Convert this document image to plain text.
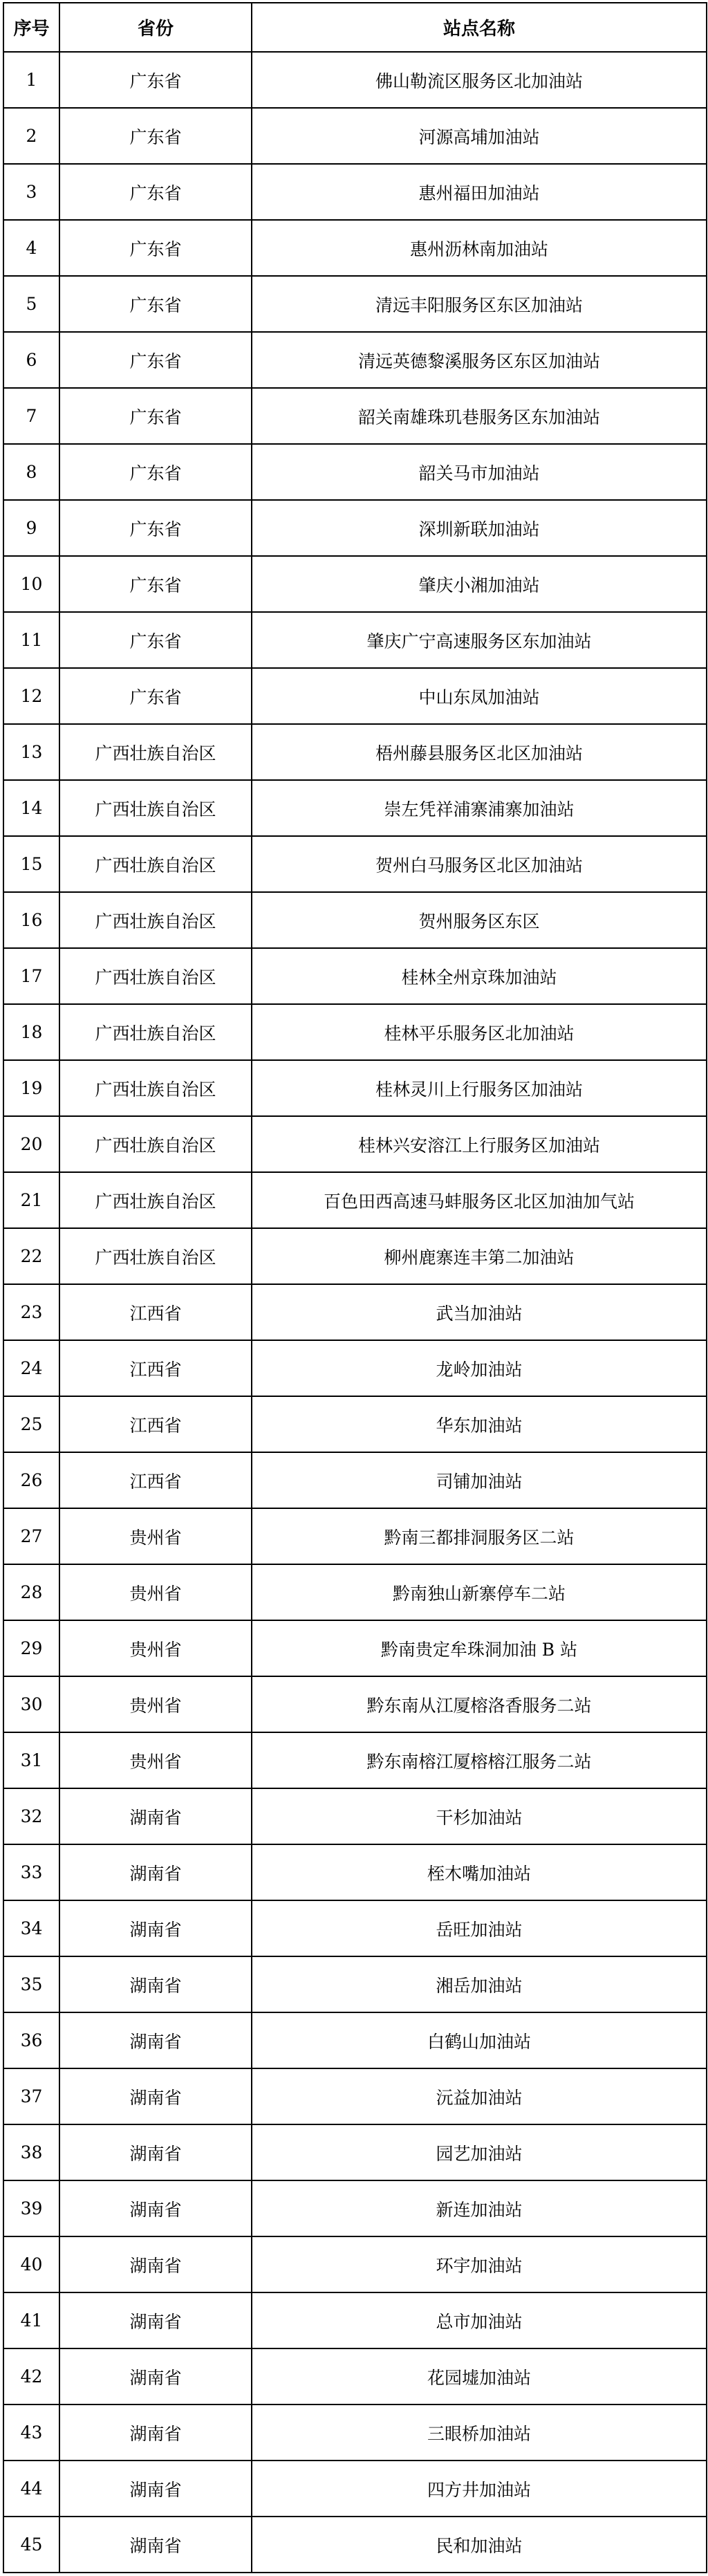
序号	省份	站点名称
1	广东省	佛山勒流区服务区北加油站
2	广东省	河源高埔加油站
3	广东省	惠州福田加油站
4	广东省	惠州沥林南加油站
5	广东省	清远丰阳服务区东区加油站
6	广东省	清远英德黎溪服务区东区加油站
7	广东省	韶关南雄珠玑巷服务区东加油站
8	广东省	韶关马市加油站
9	广东省	深圳新联加油站
10	广东省	肇庆小湘加油站
11	广东省	肇庆广宁高速服务区东加油站
12	广东省	中山东凤加油站
13	广西壮族自治区	梧州藤县服务区北区加油站
14	广西壮族自治区	崇左凭祥浦寨浦寨加油站
15	广西壮族自治区	贺州白马服务区北区加油站
16	广西壮族自治区	贺州服务区东区
17	广西壮族自治区	桂林全州京珠加油站
18	广西壮族自治区	桂林平乐服务区北加油站
19	广西壮族自治区	桂林灵川上行服务区加油站
20	广西壮族自治区	桂林兴安溶江上行服务区加油站
21	广西壮族自治区	百色田西高速马蚌服务区北区加油加气站
22	广西壮族自治区	柳州鹿寨连丰第二加油站
23	江西省	武当加油站
24	江西省	龙岭加油站
25	江西省	华东加油站
26	江西省	司铺加油站
27	贵州省	黔南三都排洞服务区二站
28	贵州省	黔南独山新寨停车二站
29	贵州省	黔南贵定牟珠洞加油 B 站
30	贵州省	黔东南从江厦榕洛香服务二站
31	贵州省	黔东南榕江厦榕榕江服务二站
32	湖南省	干杉加油站
33	湖南省	桎木嘴加油站
34	湖南省	岳旺加油站
35	湖南省	湘岳加油站
36	湖南省	白鹤山加油站
37	湖南省	沅益加油站
38	湖南省	园艺加油站
39	湖南省	新连加油站
40	湖南省	环宇加油站
41	湖南省	总市加油站
42	湖南省	花园墟加油站
43	湖南省	三眼桥加油站
44	湖南省	四方井加油站
45	湖南省	民和加油站
